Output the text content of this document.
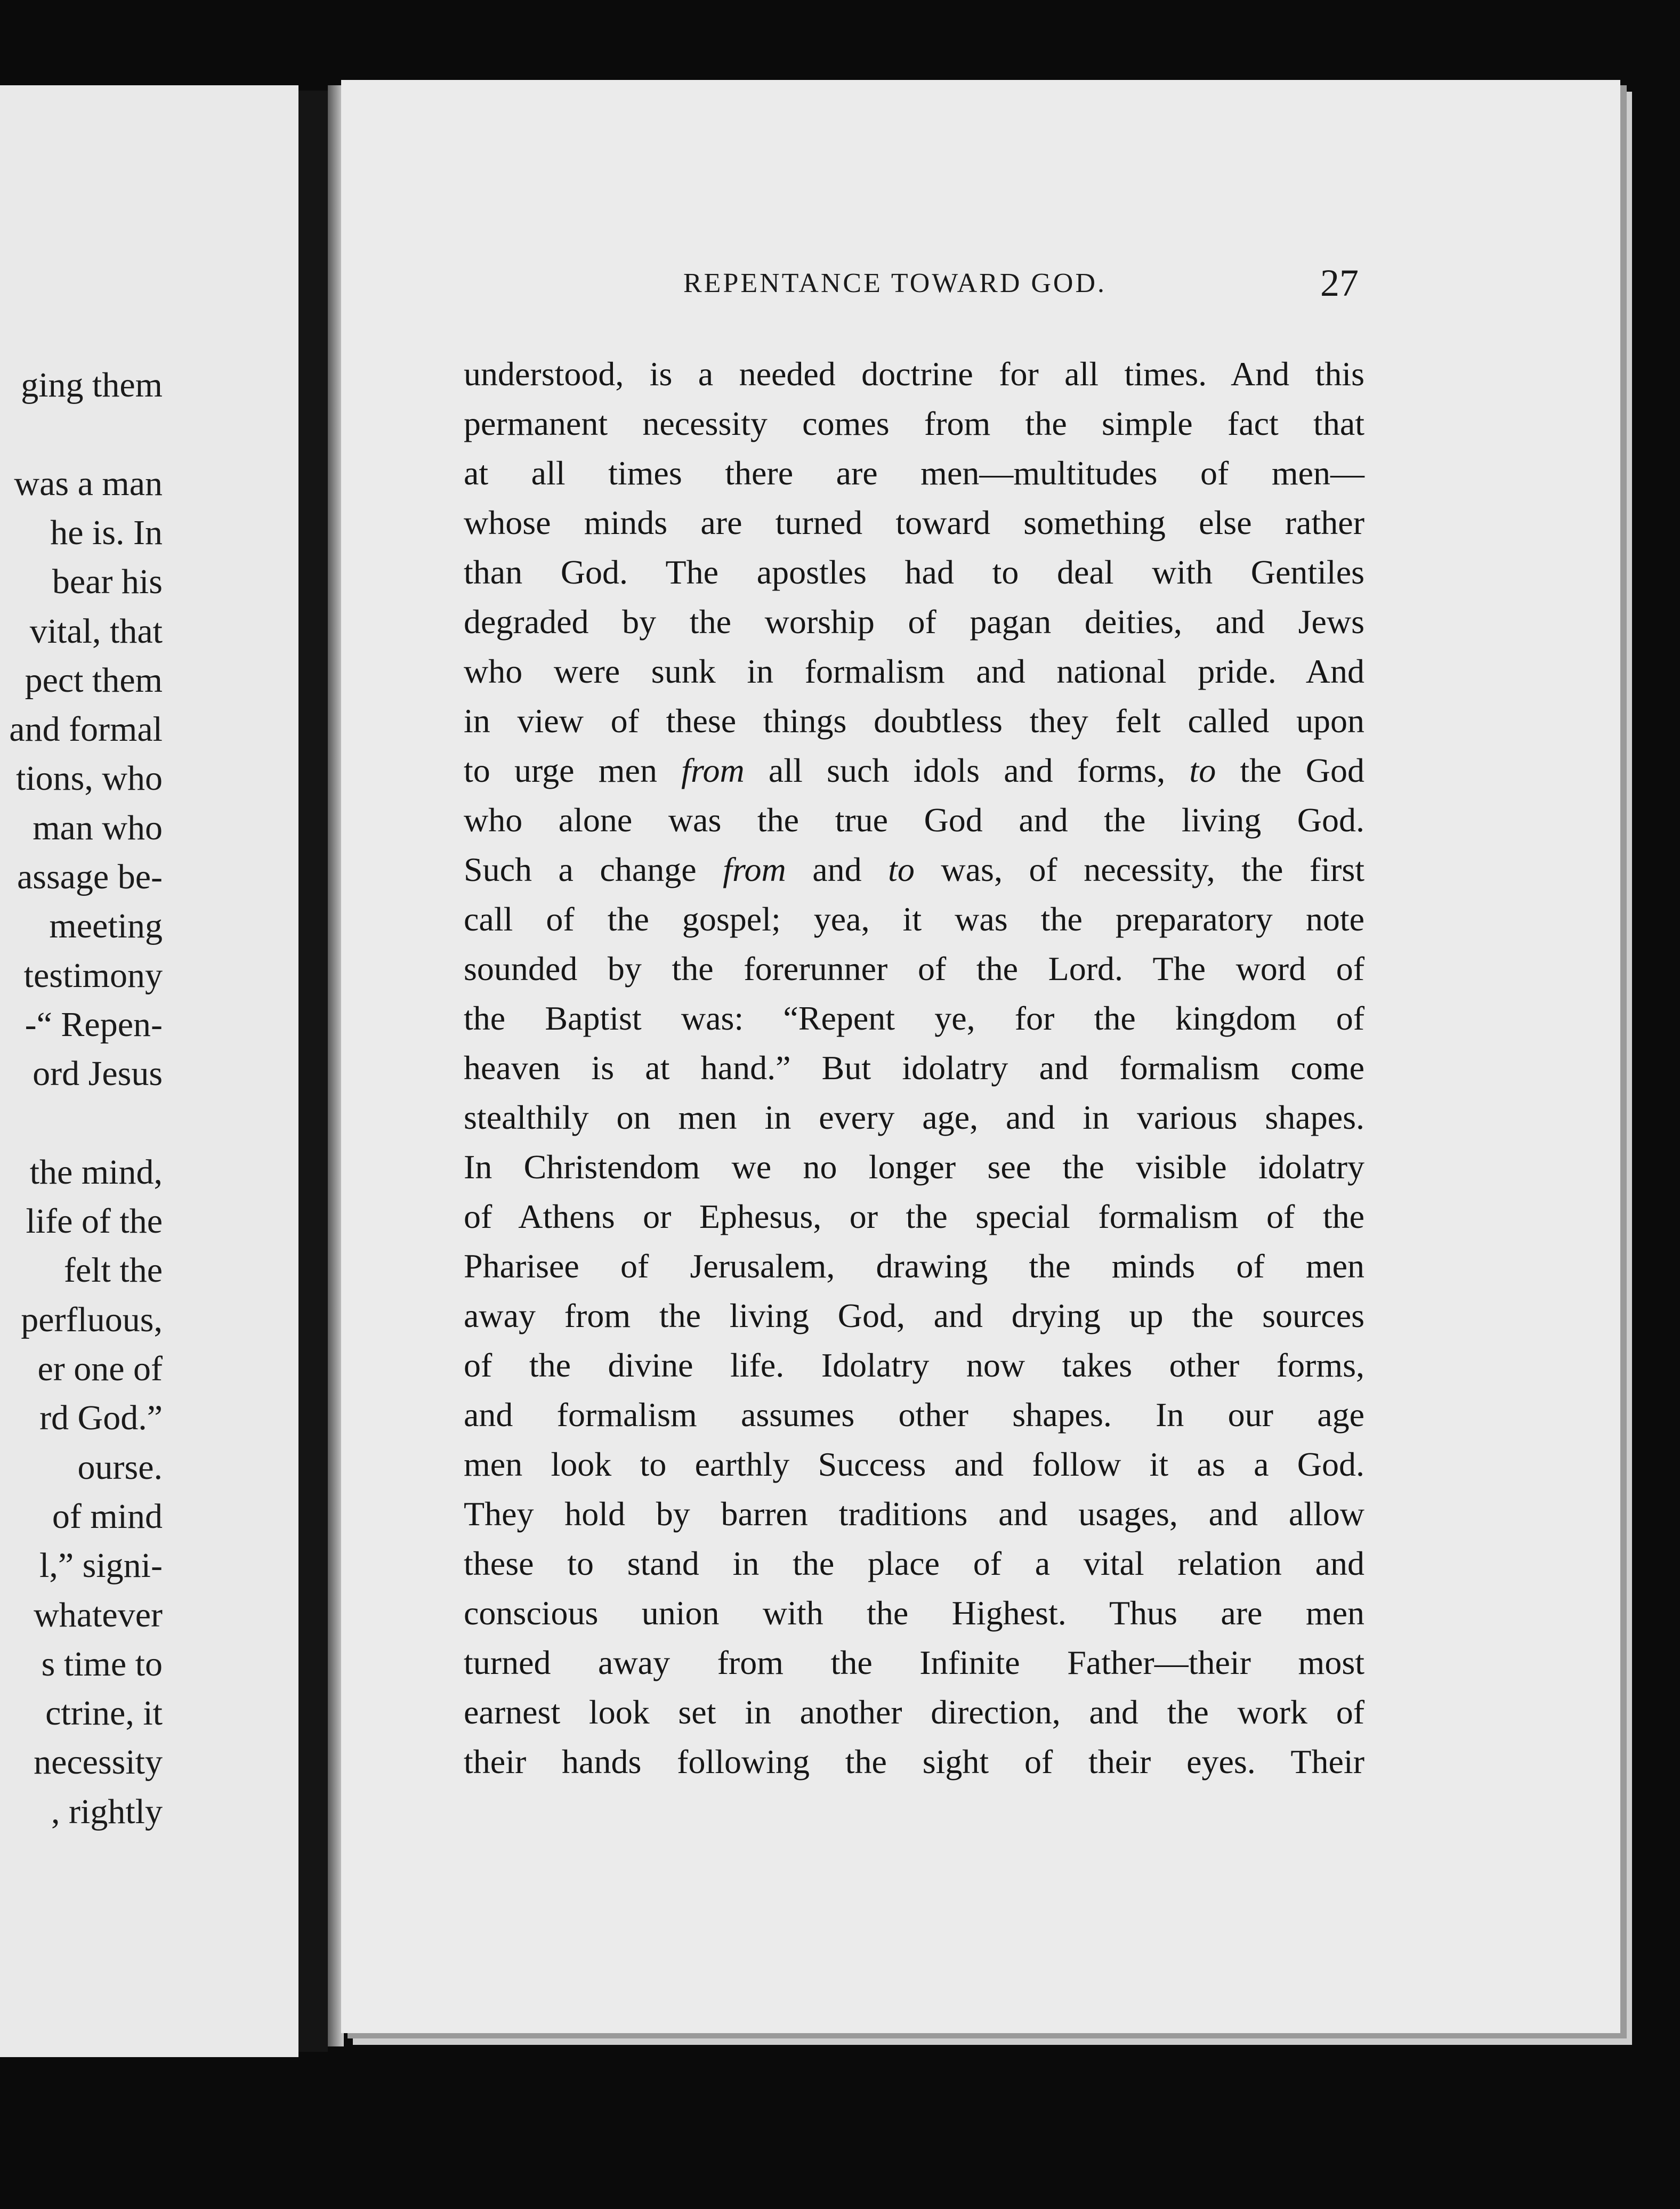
ging them
was a man
he is. In
bear his
vital, that
pect them
and formal
tions, who
man who
assage be-
meeting
testimony
-“ Repen-
ord Jesus
the mind,
life of the
felt the
perfluous,
er one of
rd God.”
ourse.
of mind
l,” signi-
whatever
s time to
ctrine, it
necessity
, rightly
REPENTANCE TOWARD GOD.	27
understood, is a needed doctrine for all times. And this
permanent necessity comes from the simple fact that
at all times there are men—multitudes of men—
whose minds are turned toward something else rather
than God. The apostles had to deal with Gentiles
degraded by the worship of pagan deities, and Jews
who were sunk in formalism and national pride. And
in view of these things doubtless they felt called upon
to urge men from all such idols and forms, to the God
who alone was the true God and the living God.
Such a change from and to was, of necessity, the first
call of the gospel; yea, it was the preparatory note
sounded by the forerunner of the Lord. The word of
the Baptist was: “Repent ye, for the kingdom of
heaven is at hand.” But idolatry and formalism come
stealthily on men in every age, and in various shapes.
In Christendom we no longer see the visible idolatry
of Athens or Ephesus, or the special formalism of the
Pharisee of Jerusalem, drawing the minds of men
away from the living God, and drying up the sources
of the divine life. Idolatry now takes other forms,
and formalism assumes other shapes. In our age
men look to earthly Success and follow it as a God.
They hold by barren traditions and usages, and allow
these to stand in the place of a vital relation and
conscious union with the Highest. Thus are men
turned away from the Infinite Father—their most
earnest look set in another direction, and the work of
their hands following the sight of their eyes. Their
